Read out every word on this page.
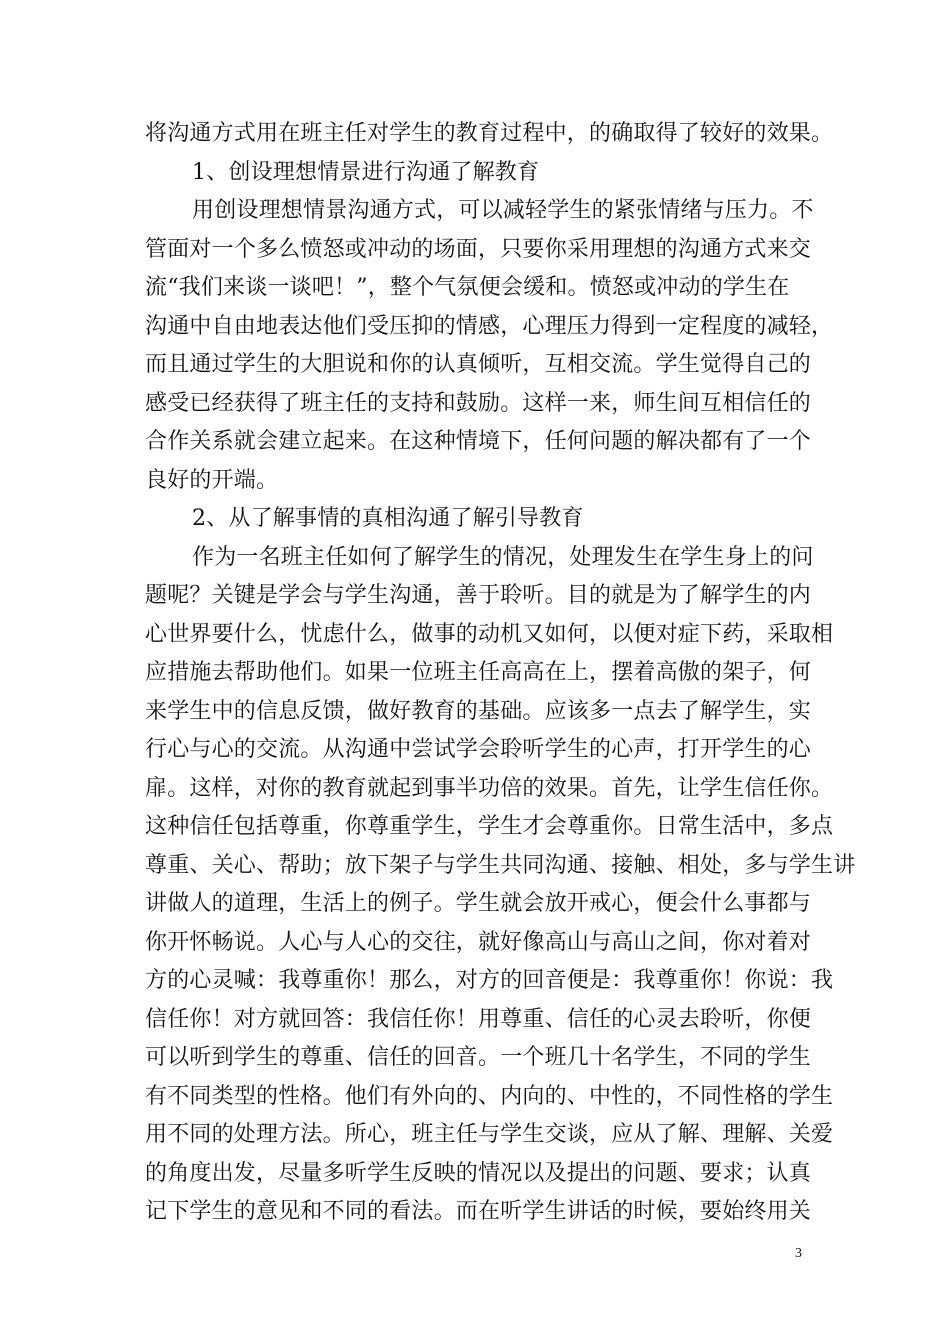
将沟通方式用在班主任对学生的教育过程中，的确取得了较好的效果。
1、创设理想情景进行沟通了解教育
用创设理想情景沟通方式，可以减轻学生的紧张情绪与压力。不
管面对一个多么愤怒或冲动的场面，只要你采用理想的沟通方式来交
流“我们来谈一谈吧！”，整个气氛便会缓和。愤怒或冲动的学生在
沟通中自由地表达他们受压抑的情感，心理压力得到一定程度的减轻，
而且通过学生的大胆说和你的认真倾听，互相交流。学生觉得自己的
感受已经获得了班主任的支持和鼓励。这样一来，师生间互相信任的
合作关系就会建立起来。在这种情境下，任何问题的解决都有了一个
良好的开端。
2、从了解事情的真相沟通了解引导教育
作为一名班主任如何了解学生的情况，处理发生在学生身上的问
题呢？关键是学会与学生沟通，善于聆听。目的就是为了解学生的内
心世界要什么，忧虑什么，做事的动机又如何，以便对症下药，采取相
应措施去帮助他们。如果一位班主任高高在上，摆着高傲的架子，何
来学生中的信息反馈，做好教育的基础。应该多一点去了解学生，实
行心与心的交流。从沟通中尝试学会聆听学生的心声，打开学生的心
扉。这样，对你的教育就起到事半功倍的效果。首先，让学生信任你。
这种信任包括尊重，你尊重学生，学生才会尊重你。日常生活中，多点
尊重、关心、帮助；放下架子与学生共同沟通、接触、相处，多与学生讲
讲做人的道理，生活上的例子。学生就会放开戒心，便会什么事都与
你开怀畅说。人心与人心的交往，就好像高山与高山之间，你对着对
方的心灵喊：我尊重你！那么，对方的回音便是：我尊重你！你说：我
信任你！对方就回答：我信任你！用尊重、信任的心灵去聆听，你便
可以听到学生的尊重、信任的回音。一个班几十名学生，不同的学生
有不同类型的性格。他们有外向的、内向的、中性的，不同性格的学生
用不同的处理方法。所心，班主任与学生交谈，应从了解、理解、关爱
的角度出发，尽量多听学生反映的情况以及提出的问题、要求；认真
记下学生的意见和不同的看法。而在听学生讲话的时候，要始终用关
3
